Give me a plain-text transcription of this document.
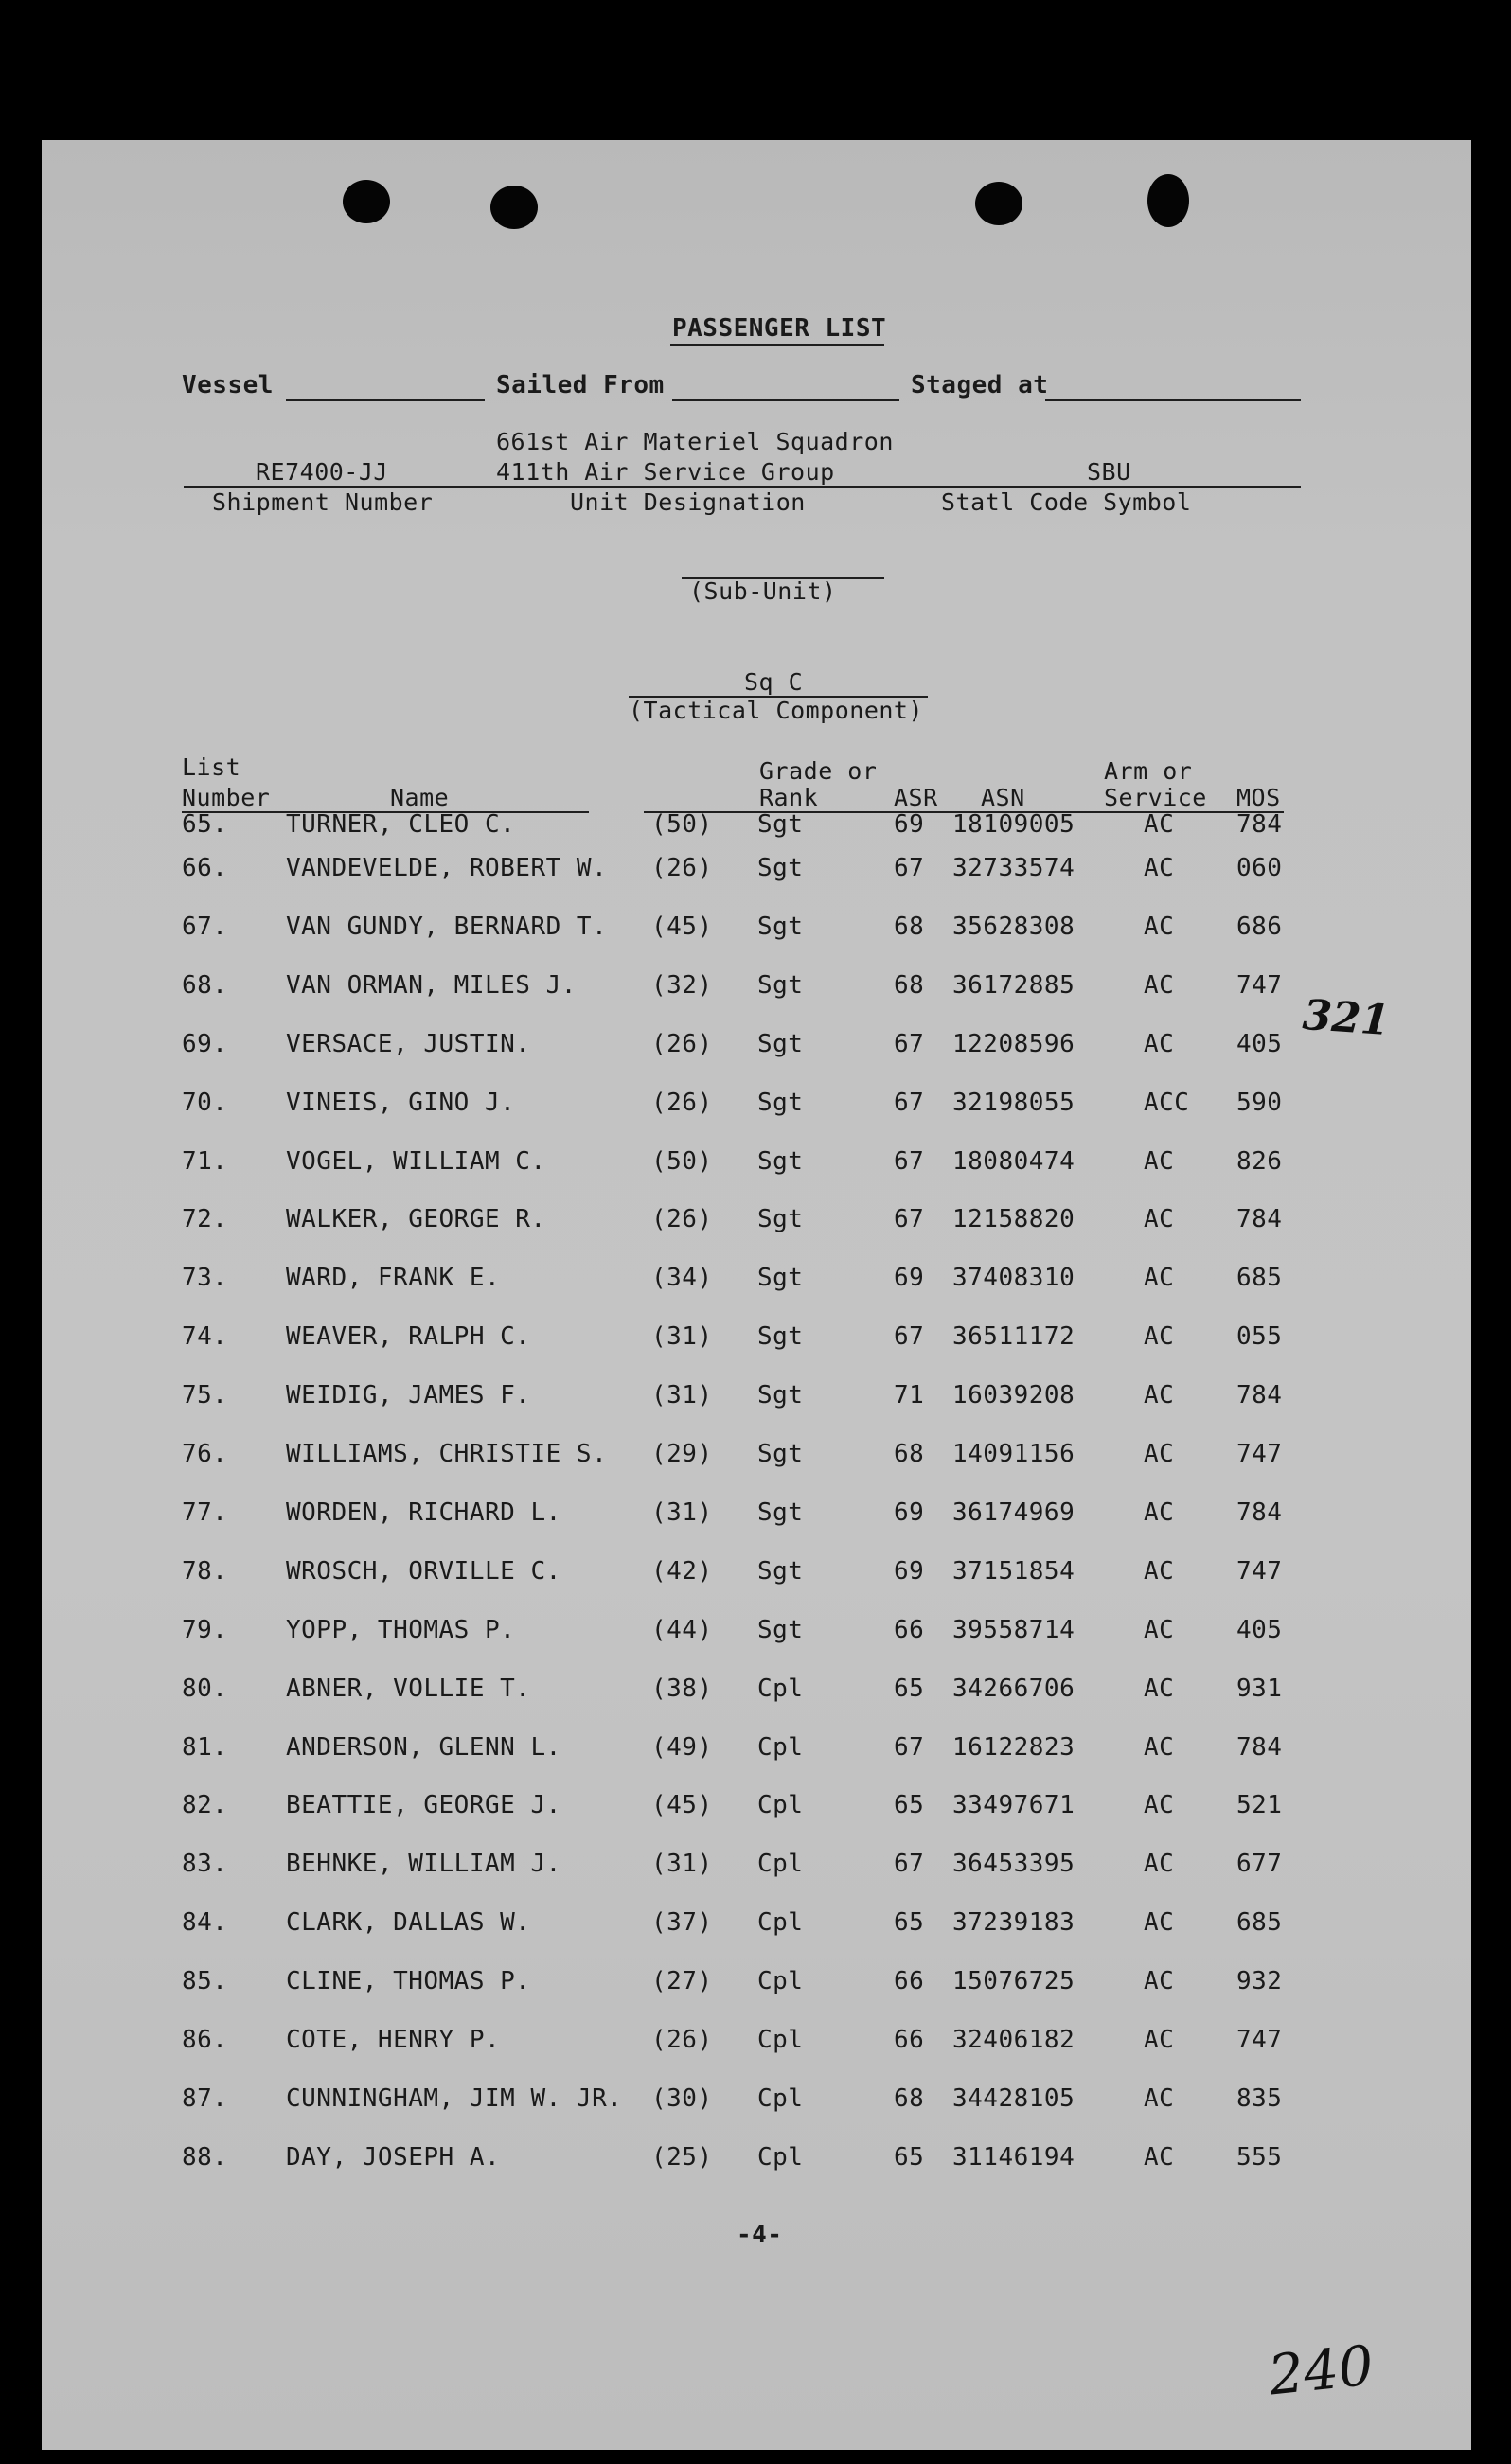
PASSENGER LIST
Vessel	Sailed From	Staged at
661st Air Materiel Squadron
RE7400-JJ	411th Air Service Group	SBU
Shipment Number	Unit Designation	Statl Code Symbol
(Sub-Unit)
Sq C
(Tactical Component)
List
Number	Name
Grade or
Rank	ASR ASN
Arm or
Service MOS
65. TURNER, CLEO C.	(50) Sgt	69 18109005	AC	784
66. VANDEVELDE, ROBERT W. (26) Sgt	67 32733574	AC	060
67. VAN GUNDY, BERNARD T. (45) Sgt	68 35628308	AC	686
68. VAN ORMAN, MILES J.	(32) Sgt	68 36172885	AC	747
69. VERSACE, JUSTIN.	(26) Sgt	67 12208596	AC	405
70. VINEIS, GINO J.	(26) Sgt	67 32198055	ACC 590
71. VOGEL, WILLIAM C.	(50) Sgt	67 18080474	AC	826
72. WALKER, GEORGE R.	(26) Sgt	67 12158820	AC	784
73. WARD, FRANK E.	(34) Sgt	69 37408310	AC	685
74. WEAVER, RALPH C.	(31) Sgt	67 36511172	AC	055
75. WEIDIG, JAMES F.	(31) Sgt	71 16039208	AC	784
76. WILLIAMS, CHRISTIE S. (29) Sgt	68 14091156	AC	747
77. WORDEN, RICHARD L.	(31) Sgt	69 36174969	AC	784
78. WROSCH, ORVILLE C.	(42) Sgt	69 37151854	AC	747
79. YOPP, THOMAS P.	(44) Sgt	66 39558714	AC	405
80. ABNER, VOLLIE T.	(38) Cpl	65 34266706	AC	931
81. ANDERSON, GLENN L.	(49) Cpl	67 16122823	AC	784
82. BEATTIE, GEORGE J.	(45) Cpl	65 33497671	AC	521
83. BEHNKE, WILLIAM J.	(31) Cpl	67 36453395	AC	677
84. CLARK, DALLAS W.	(37) Cpl	65 37239183	AC	685
85. CLINE, THOMAS P.	(27) Cpl	66 15076725	AC	932
86. COTE, HENRY P.	(26) Cpl	66 32406182	AC	747
87. CUNNINGHAM, JIM W. JR. (30) Cpl	68 34428105	AC	835
88. DAY, JOSEPH A.	(25) Cpl	65 31146194	AC	555
-4-
321
240
